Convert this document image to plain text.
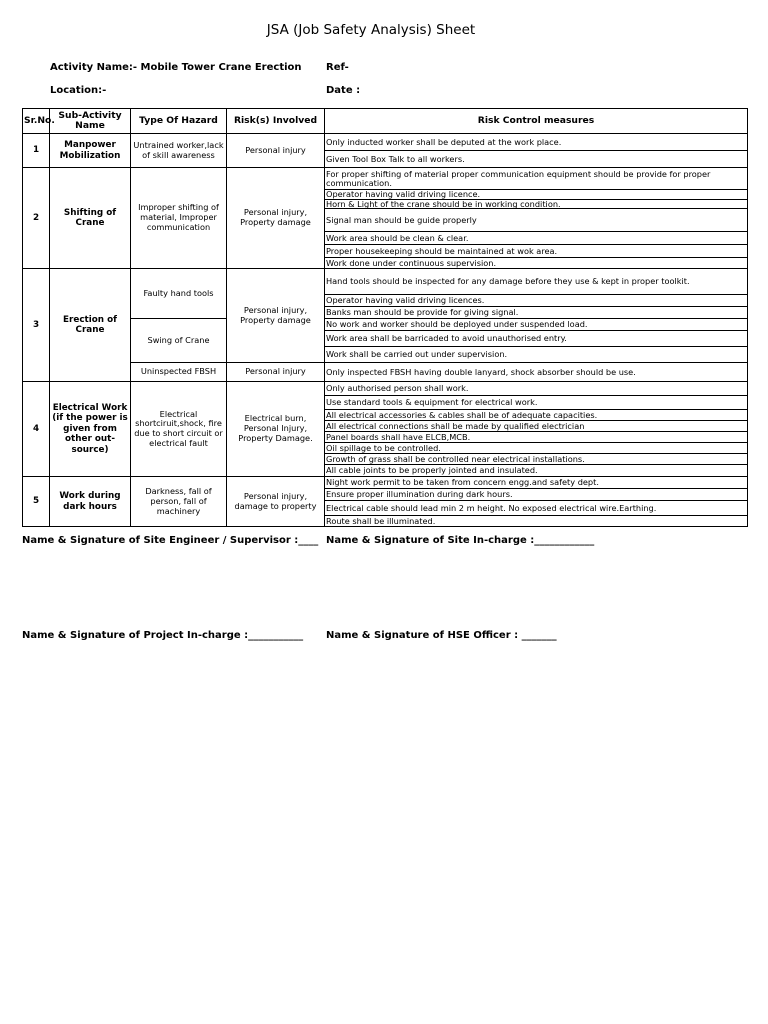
JSA (Job Safety Analysis) Sheet
Activity Name:- Mobile Tower Crane Erection Ref-
Location:-	Date :
Sr.No.	Sub-Activity Name	Type Of Hazard	Risk(s) Involved	Risk Control measures
1	Manpower Mobilization	Untrained worker,lack of skill awareness	Personal injury	Only inducted worker shall be deputed at the work place.
				Given Tool Box Talk to all workers.
2	Shifting of Crane	Improper shifting of material, Improper communication	Personal injury, Property damage	For proper shifting of material proper communication equipment should be provide for proper communication.
				Operator having valid driving licence.
				Horn & Light of the crane should be in working condition.
				Signal man should be guide properly
				Work area should be clean & clear.
				Proper housekeeping should be maintained at wok area.
				Work done under continuous supervision.
3	Erection of Crane	Faulty hand tools	Personal injury, Property damage	Hand tools should be inspected for any damage before they use & kept in proper toolkit.
				Operator having valid driving licences.
				Banks man should be provide for giving signal.
		Swing of Crane		No work and worker should be deployed under suspended load.
				Work area shall be barricaded to avoid unauthorised entry.
				Work shall be carried out under supervision.
		Uninspected FBSH	Personal injury	Only inspected FBSH having double lanyard, shock absorber should be use.
4	Electrical Work (if the power is given from other out-source)	Electrical shortciruit,shock, fire due to short circuit or electrical fault	Electrical burn, Personal Injury, Property Damage.	Only authorised person shall work.
				Use standard tools & equipment for electrical work.
				All electrical accessories & cables shall be of adequate capacities.
				All electrical connections shall be made by qualified electrician
				Panel boards shall have ELCB,MCB.
				Oil spillage to be controlled.
				Growth of grass shall be controlled near electrical installations.
				All cable joints to be properly jointed and insulated.
5	Work during dark hours	Darkness, fall of person, fall of machinery	Personal injury, damage to property	Night work permit to be taken from concern engg.and safety dept.
				Ensure proper illumination during dark hours.
				Electrical cable should lead min 2 m height. No exposed electrical wire.Earthing.
				Route shall be illuminated.
Name & Signature of Site Engineer / Supervisor :____ Name & Signature of Site In-charge :____________
Name & Signature of Project In-charge :___________ Name & Signature of HSE Officer : _______
